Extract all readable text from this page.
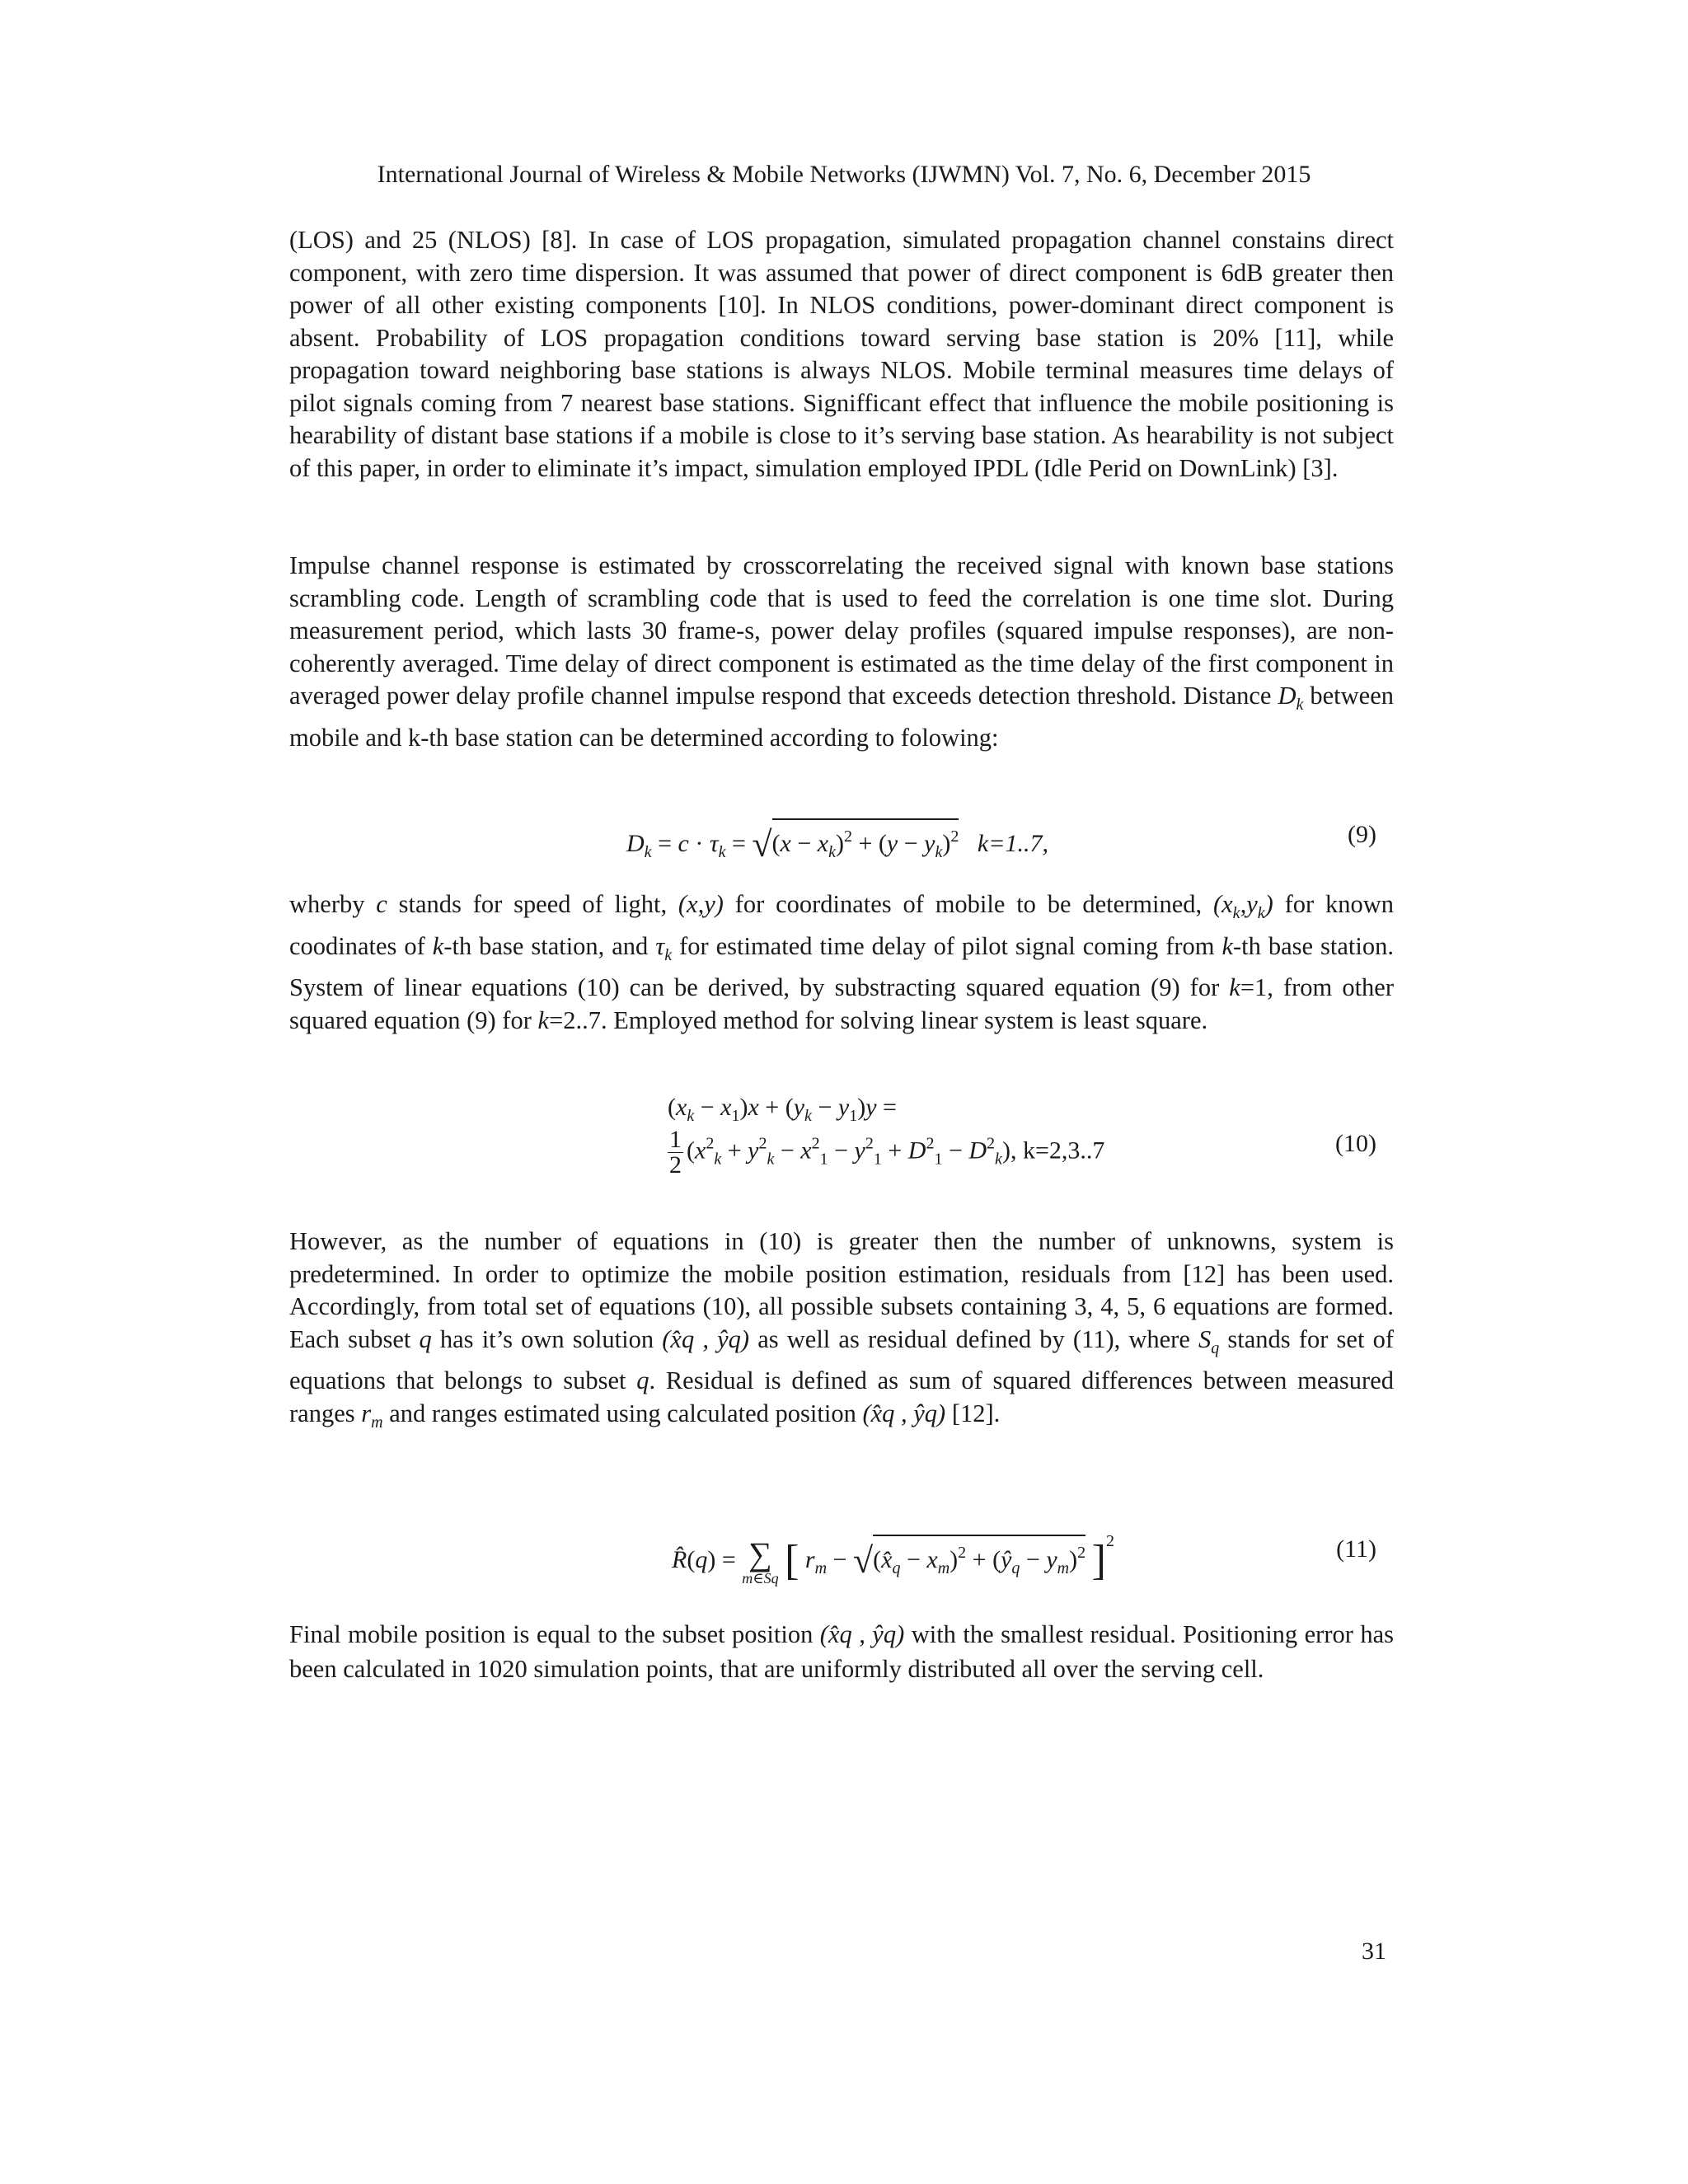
International Journal of Wireless & Mobile Networks (IJWMN) Vol. 7, No. 6, December 2015

(LOS) and 25 (NLOS) [8]. In case of LOS propagation, simulated propagation channel constains direct component, with zero time dispersion. It was assumed that power of direct component is 6dB greater then power of all other existing components [10]. In NLOS conditions, power-dominant direct component is absent. Probability of LOS propagation conditions toward serving base station is 20% [11], while propagation toward neighboring base stations is always NLOS. Mobile terminal measures time delays of pilot signals coming from 7 nearest base stations. Signifficant effect that influence the mobile positioning is hearability of distant base stations if a mobile is close to it’s serving base station. As hearability is not subject of this paper, in order to eliminate it’s impact, simulation employed IPDL (Idle Perid on DownLink) [3].

Impulse channel response is estimated by crosscorrelating the received signal with known base stations scrambling code. Length of scrambling code that is used to feed the correlation is one time slot. During measurement period, which lasts 30 frame-s, power delay profiles (squared impulse responses), are non-coherently averaged. Time delay of direct component is estimated as the time delay of the first component in averaged power delay profile channel impulse respond that exceeds detection threshold. Distance $D_k$ between mobile and k-th base station can be determined according to folowing:

$D_k = c \cdot \tau_k = √(x - x_k)^2 + (y - y_k)^2$ k=1..7,	(9)

wherby c stands for speed of light, (x,y) for coordinates of mobile to be determined, $(x_k,y_k)$ for known coodinates of k-th base station, and $\tau_k$ for estimated time delay of pilot signal coming from k-th base station. System of linear equations (10) can be derived, by substracting squared equation (9) for k=1, from other squared equation (9) for k=2..7. Employed method for solving linear system is least square.

$(x_k - x_1)x + (y_k - y_1)y$ =
$\frac{1}{2} (x^2_k + y^2_k - x^2_1 - y^2_1 + D^2_1 - D^2_k)$, k=2,3..7	(10)

However, as the number of equations in (10) is greater then the number of unknowns, system is predetermined. In order to optimize the mobile position estimation, residuals from [12] has been used. Accordingly, from total set of equations (10), all possible subsets containing 3, 4, 5, 6 equations are formed. Each subset q has it’s own solution (x̂q , ŷq) as well as residual defined by (11), where $S_q$ stands for set of equations that belongs to subset q. Residual is defined as sum of squared differences between measured ranges $r_m$ and ranges estimated using calculated position (x̂q , ŷq) [12].

R̂(q) = ∑
m∈Sq [ $r_m$ − $√(x̂_q - x_m)^2$ + $(ŷ_q - y_m)^2$ ]$^2$	(11)

Final mobile position is equal to the subset position (x̂q , ŷq) with the smallest residual. Positioning error has been calculated in 1020 simulation points, that are uniformly distributed all over the serving cell.

31
